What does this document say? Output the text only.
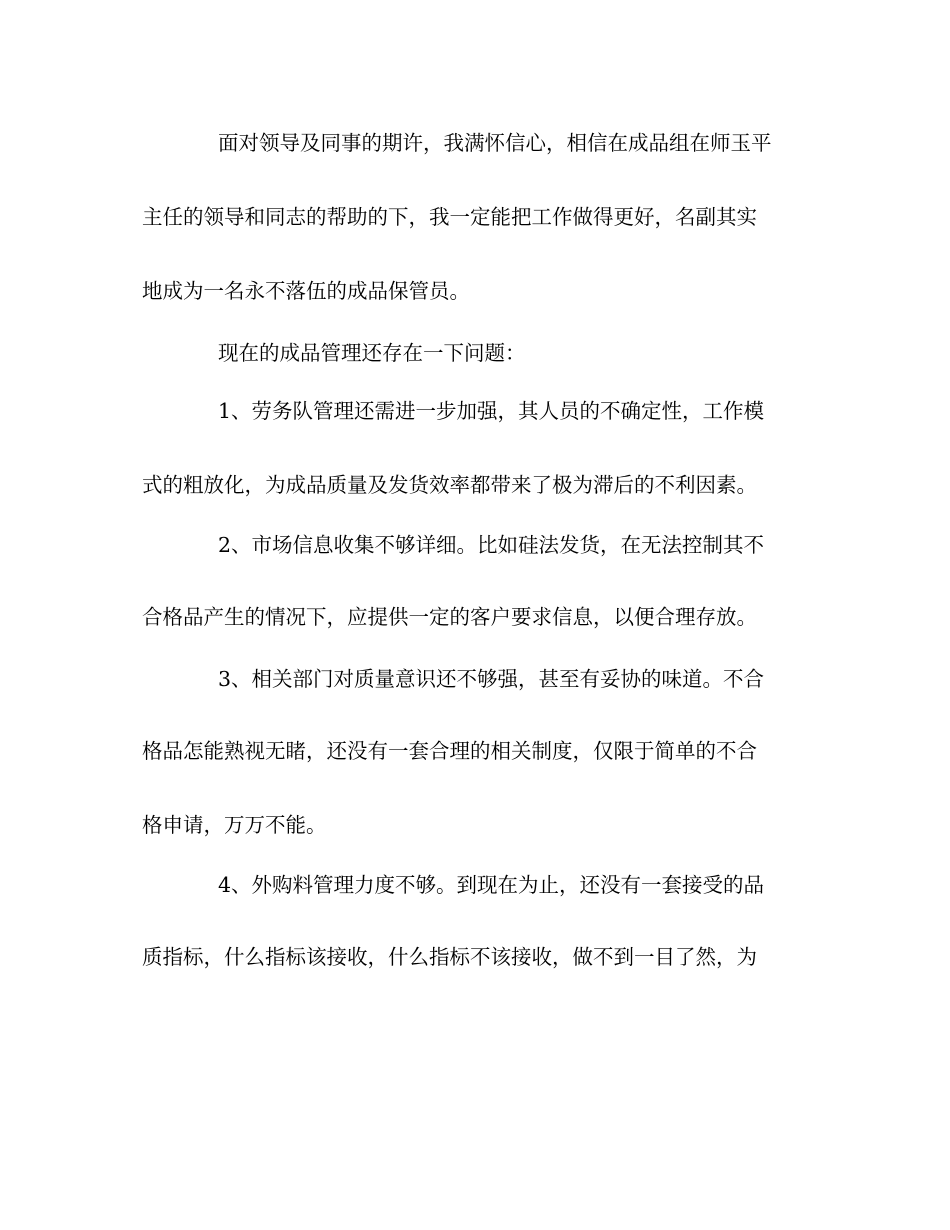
面对领导及同事的期许，我满怀信心，相信在成品组在师玉平
主任的领导和同志的帮助的下，我一定能把工作做得更好，名副其实
地成为一名永不落伍的成品保管员。
现在的成品管理还存在一下问题：
1、劳务队管理还需进一步加强，其人员的不确定性，工作模
式的粗放化，为成品质量及发货效率都带来了极为滞后的不利因素。
2、市场信息收集不够详细。比如硅法发货，在无法控制其不
合格品产生的情况下，应提供一定的客户要求信息，以便合理存放。
3、相关部门对质量意识还不够强，甚至有妥协的味道。不合
格品怎能熟视无睹，还没有一套合理的相关制度，仅限于简单的不合
格申请，万万不能。
4、外购料管理力度不够。到现在为止，还没有一套接受的品
质指标，什么指标该接收，什么指标不该接收，做不到一目了然，为
